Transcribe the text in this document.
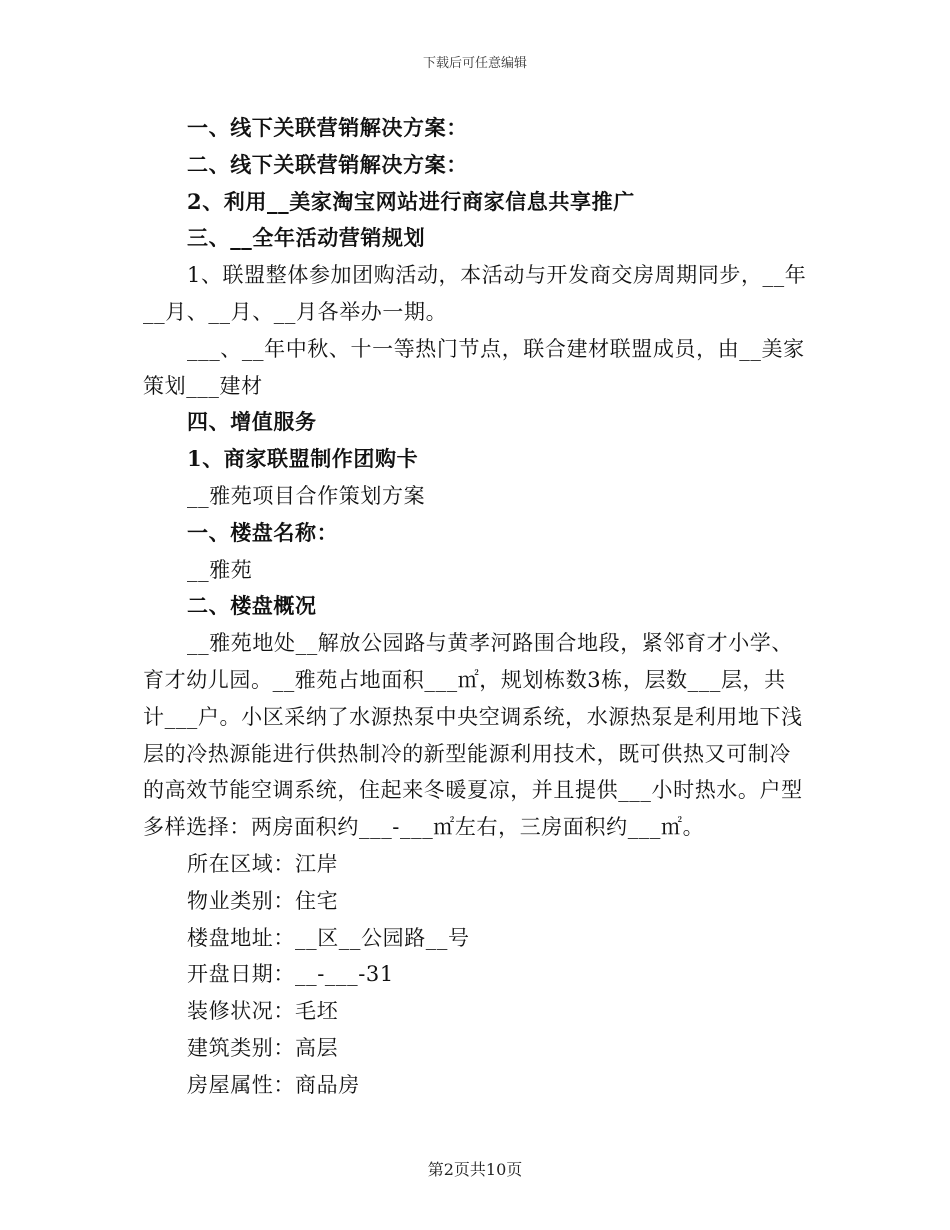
下载后可任意编辑
一、线下关联营销解决方案：
二、线下关联营销解决方案：
2、利用__美家淘宝网站进行商家信息共享推广
三、__全年活动营销规划
1、联盟整体参加团购活动，本活动与开发商交房周期同步，__年
__月、__月、__月各举办一期。
___、__年中秋、十一等热门节点，联合建材联盟成员，由__美家
策划___建材
四、增值服务
1、商家联盟制作团购卡
__雅苑项目合作策划方案
一、楼盘名称：
__雅苑
二、楼盘概况
__雅苑地处__解放公园路与黄孝河路围合地段，紧邻育才小学、
育才幼儿园。__雅苑占地面积___㎡，规划栋数3栋，层数___层，共
计___户。小区采纳了水源热泵中央空调系统，水源热泵是利用地下浅
层的冷热源能进行供热制冷的新型能源利用技术，既可供热又可制冷
的高效节能空调系统，住起来冬暖夏凉，并且提供___小时热水。户型
多样选择：两房面积约___-___㎡左右，三房面积约___㎡。
所在区域：江岸
物业类别：住宅
楼盘地址：__区__公园路__号
开盘日期：__-___-31
装修状况：毛坯
建筑类别：高层
房屋属性：商品房
第2页共10页
